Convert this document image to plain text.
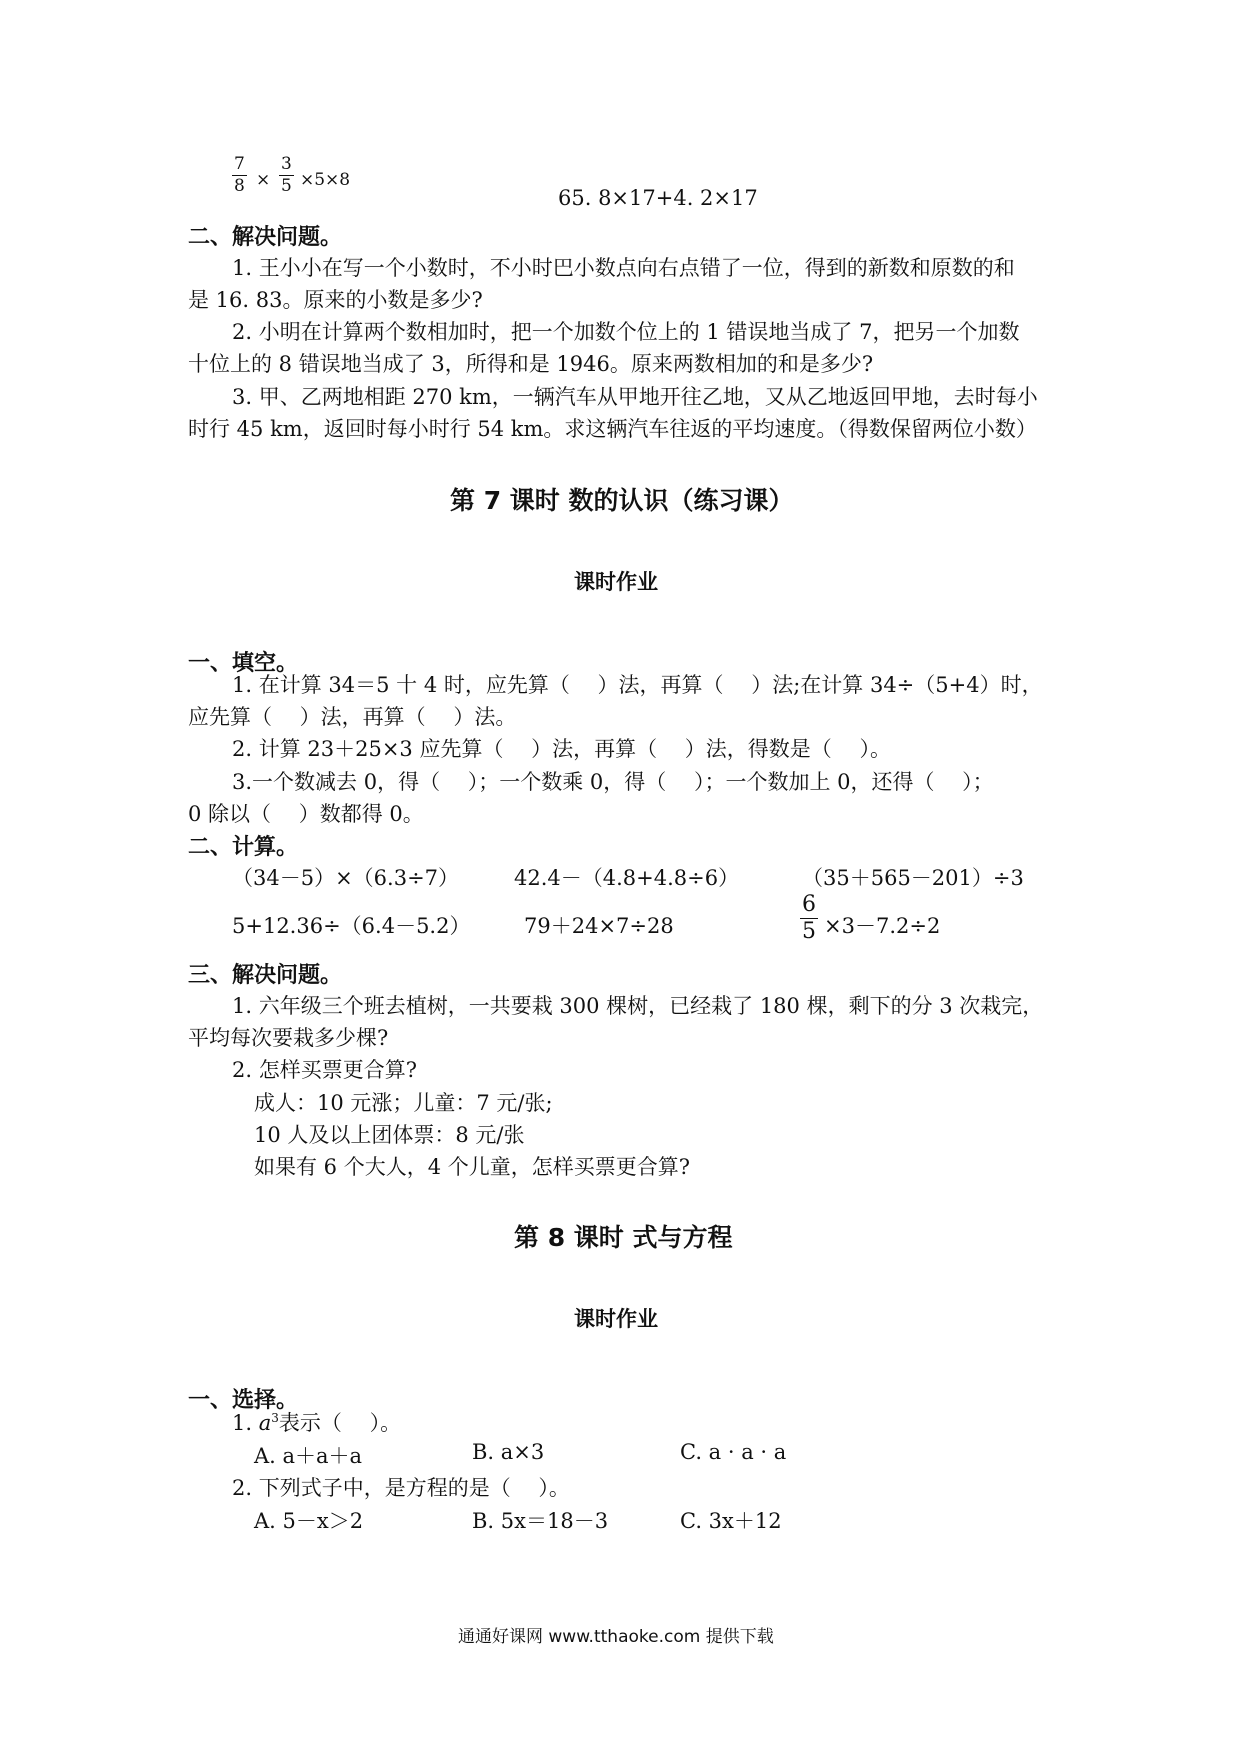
$\frac{7}{8} \times \frac{3}{5} \times 5\times 8$
65. 8×17+4. 2×17
二、解决问题。
1. 王小小在写一个小数时，不小时巴小数点向右点错了一位，得到的新数和原数的和
是 16. 83。原来的小数是多少?
2. 小明在计算两个数相加时，把一个加数个位上的 1 错误地当成了 7，把另一个加数
十位上的 8 错误地当成了 3，所得和是 1946。原来两数相加的和是多少?
3. 甲、乙两地相距 270 km，一辆汽车从甲地开往乙地，又从乙地返回甲地，去时每小
时行 45 km，返回时每小时行 54 km。求这辆汽车往返的平均速度。（得数保留两位小数）
第 7 课时 数的认识（练习课）
课时作业
一、填空。
1. 在计算 34＝5 十 4 时，应先算（　 ）法，再算（　 ）法;在计算 34÷（5+4）时，
应先算（　 ）法，再算（　 ）法。
2. 计算 23＋25×3 应先算（　 ）法，再算（　 ）法，得数是（　 ）。
3.一个数减去 0，得（　 ）；一个数乘 0，得（　 ）；一个数加上 0，还得（　 ）；
0 除以（　 ）数都得 0。
二、计算。
（34－5）×（6.3÷7）	42.4－（4.8+4.8÷6）	（35＋565－201）÷3
5+12.36÷（6.4－5.2）	79＋24×7÷28	$\frac{6}{5} \times 3-7.2\div 2$
三、解决问题。
1. 六年级三个班去植树，一共要栽 300 棵树，已经栽了 180 棵，剩下的分 3 次栽完，
平均每次要栽多少棵?
2. 怎样买票更合算?
成人：10 元涨；儿童：7 元/张;
10 人及以上团体票：8 元/张
如果有 6 个大人，4 个儿童，怎样买票更合算?
第 8 课时 式与方程
课时作业
一、选择。
1. $a^3$表示（　 ）。
A. a＋a＋a	B. a×3	C. a · a · a
2. 下列式子中，是方程的是（　 ）。
A. 5－x＞2	B. 5x＝18－3	C. 3x＋12
通通好课网 www.tthaoke.com 提供下载
